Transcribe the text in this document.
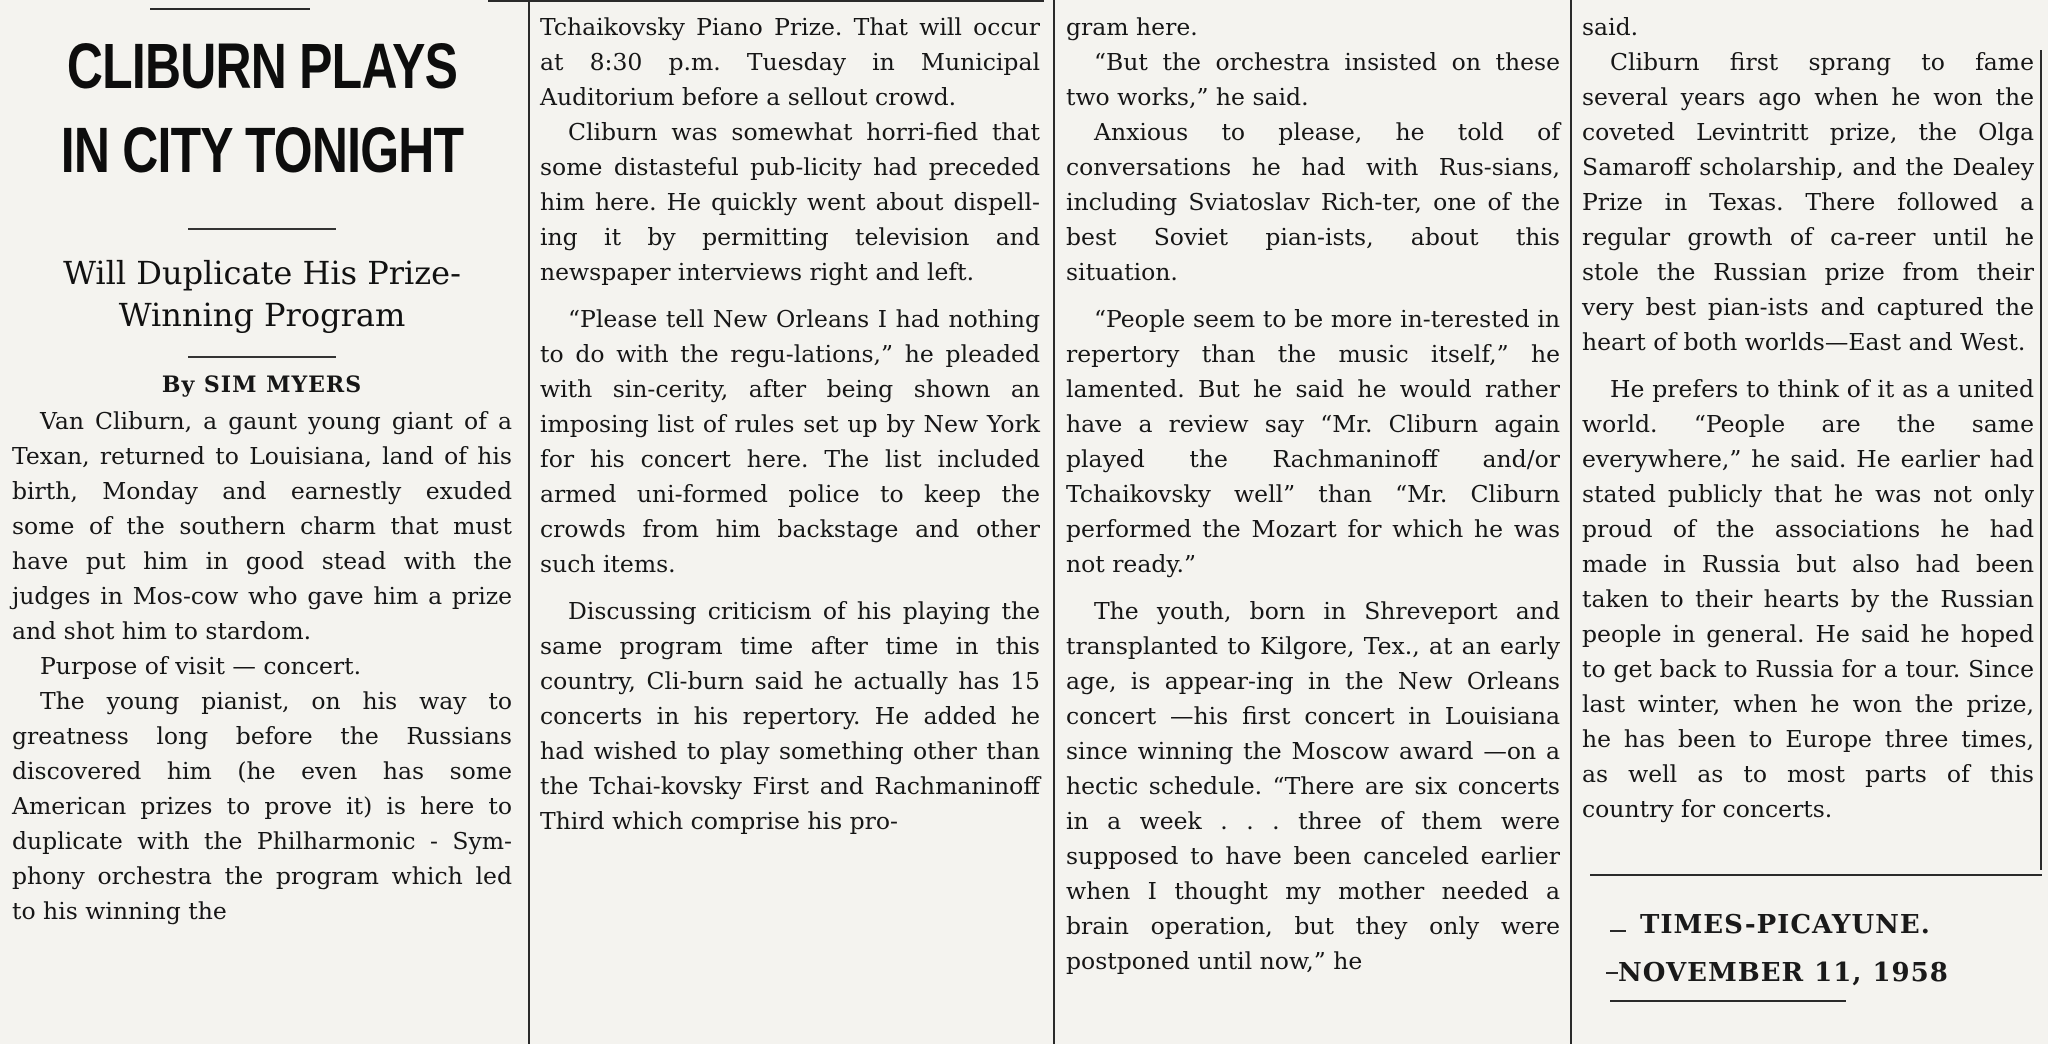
CLIBURN PLAYS
IN CITY TONIGHT
Will Duplicate His Prize-
Winning Program
By SIM MYERS

Van Cliburn, a gaunt young giant of a Texan, returned to Louisiana, land of his birth, Monday and earnestly exuded some of the southern charm that must have put him in good stead with the judges in Mos-cow who gave him a prize and shot him to stardom.

Purpose of visit — concert.

The young pianist, on his way to greatness long before the Russians discovered him (he even has some American prizes to prove it) is here to duplicate with the Philharmonic - Sym-phony orchestra the program which led to his winning the

Tchaikovsky Piano Prize. That will occur at 8:30 p.m. Tuesday in Municipal Auditorium before a sellout crowd.

Cliburn was somewhat horri-fied that some distasteful pub-licity had preceded him here. He quickly went about dispell-ing it by permitting television and newspaper interviews right and left.

“Please tell New Orleans I had nothing to do with the regu-lations,” he pleaded with sin-cerity, after being shown an imposing list of rules set up by New York for his concert here. The list included armed uni-formed police to keep the crowds from him backstage and other such items.

Discussing criticism of his playing the same program time after time in this country, Cli-burn said he actually has 15 concerts in his repertory. He added he had wished to play something other than the Tchai-kovsky First and Rachmaninoff Third which comprise his pro-

gram here.

“But the orchestra insisted on these two works,” he said.

Anxious to please, he told of conversations he had with Rus-sians, including Sviatoslav Rich-ter, one of the best Soviet pian-ists, about this situation.

“People seem to be more in-terested in repertory than the music itself,” he lamented. But he said he would rather have a review say “Mr. Cliburn again played the Rachmaninoff and/or Tchaikovsky well” than “Mr. Cliburn performed the Mozart for which he was not ready.”

The youth, born in Shreveport and transplanted to Kilgore, Tex., at an early age, is appear-ing in the New Orleans concert —his first concert in Louisiana since winning the Moscow award —on a hectic schedule. “There are six concerts in a week . . . three of them were supposed to have been canceled earlier when I thought my mother needed a brain operation, but they only were postponed until now,” he

said.

Cliburn first sprang to fame several years ago when he won the coveted Levintritt prize, the Olga Samaroff scholarship, and the Dealey Prize in Texas. There followed a regular growth of ca-reer until he stole the Russian prize from their very best pian-ists and captured the heart of both worlds—East and West.

He prefers to think of it as a united world. “People are the same everywhere,” he said. He earlier had stated publicly that he was not only proud of the associations he had made in Russia but also had been taken to their hearts by the Russian people in general. He said he hoped to get back to Russia for a tour. Since last winter, when he won the prize, he has been to Europe three times, as well as to most parts of this country for concerts.

TIMES-PICAYUNE.
NOVEMBER 11, 1958
